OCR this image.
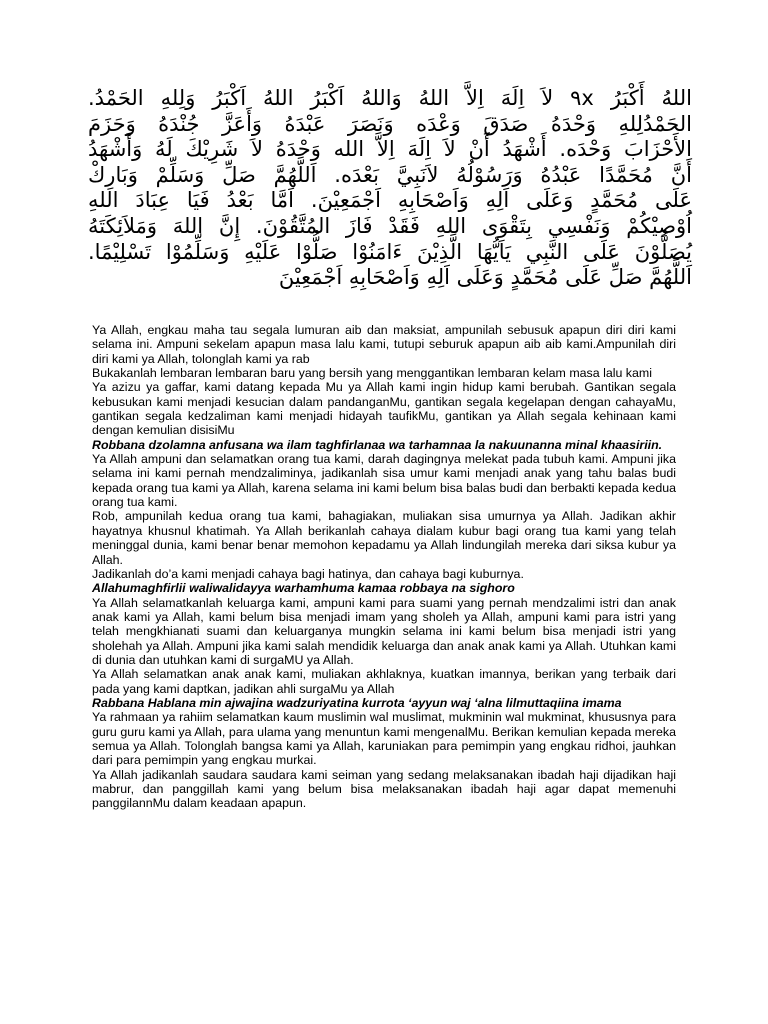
اللهُ أَكْبَرُ ٩x لاَ اِلَهَ اِلاَّ اللهُ وَاللهُ اَكْبَرُ اللهُ اَكْبَرُ وَلِلهِ الحَمْدُ.
الحَمْدُلِلهِ وَحْدَهُ صَدَقَ وَعْدَه وَنَصَرَ عَبْدَهُ وَأَعَزَّ جُنْدَهُ وَحَزَمَ
الأَحْزَابَ وَحْدَه. أَشْهَدُ أَنْ لاَ اِلَهَ اِلاَّ الله وَحْدَهُ لاَ شَرِيْكَ لَهُ وَأَشْهَدُ
أَنَّ مُحَمَّدًا عَبْدُهُ وَرَسُوْلُهُ لاَنَبِيَّ بَعْدَه. اَللَّهُمَّ صَلِّ وَسَلِّمْ وَبَارِكْ
عَلَى مُحَمَّدٍ وَعَلَى اَلِهِ وَاَصْحَابِهِ اَجْمَعِيْنَ. اَمَّا بَعْدُ فَيَا عِبَادَ اللهِ
اُوْصِيْكُمْ وَنَفْسِي بِتَقْوَى اللهِ فَقَدْ فَازَ المُتَّقُوْنَ. إِنَّ اللهَ وَمَلاَئِكَتَهُ
يُصَلُّوْنَ عَلَى النَّبِي يَاَيُّهَا الَّذِيْنَ ءَامَنُوْا صَلُّوْا عَلَيْهِ وَسَلِّمُوْا تَسْلِيْمًا.
اَللَّهُمَّ صَلِّ عَلَى مُحَمَّدٍ وَعَلَى اَلِهِ وَاَصْحَابِهِ اَجْمَعِيْنَ

Ya Allah, engkau maha tau segala lumuran aib dan maksiat, ampunilah sebusuk apapun diri diri kami selama ini. Ampuni sekelam apapun masa lalu kami, tutupi seburuk apapun aib aib kami.Ampunilah diri diri kami ya Allah, tolonglah kami ya rab

Bukakanlah lembaran lembaran baru yang bersih yang menggantikan lembaran kelam masa lalu kami

Ya azizu ya gaffar, kami datang kepada Mu ya Allah kami ingin hidup kami berubah. Gantikan segala kebusukan kami menjadi kesucian dalam pandanganMu, gantikan segala kegelapan dengan cahayaMu, gantikan segala kedzaliman kami menjadi hidayah taufikMu, gantikan ya Allah segala kehinaan kami dengan kemulian disisiMu

Robbana dzolamna anfusana wa ilam taghfirlanaa wa tarhamnaa la nakuunanna minal khaasiriin.

Ya Allah ampuni dan selamatkan orang tua kami, darah dagingnya melekat pada tubuh kami. Ampuni jika selama ini kami pernah mendzaliminya, jadikanlah sisa umur kami menjadi anak yang tahu balas budi kepada orang tua kami ya Allah, karena selama ini kami belum bisa balas budi dan berbakti kepada kedua orang tua kami.

Rob, ampunilah kedua orang tua kami, bahagiakan, muliakan sisa umurnya ya Allah. Jadikan akhir hayatnya khusnul khatimah. Ya Allah berikanlah cahaya dialam kubur bagi orang tua kami yang telah meninggal dunia, kami benar benar memohon kepadamu ya Allah lindungilah mereka dari siksa kubur ya Allah.

Jadikanlah do’a kami menjadi cahaya bagi hatinya, dan cahaya bagi kuburnya.

Allahumaghfirlii waliwalidayya warhamhuma kamaa robbaya na sighoro

Ya Allah selamatkanlah keluarga kami, ampuni kami para suami yang pernah mendzalimi istri dan anak anak kami ya Allah, kami belum bisa menjadi imam yang sholeh ya Allah, ampuni kami para istri yang telah mengkhianati suami dan keluarganya mungkin selama ini kami belum bisa menjadi istri yang sholehah ya Allah. Ampuni jika kami salah mendidik keluarga dan anak anak kami ya Allah. Utuhkan kami di dunia dan utuhkan kami di surgaMU ya Allah.

Ya Allah selamatkan anak anak kami, muliakan akhlaknya, kuatkan imannya, berikan yang terbaik dari pada yang kami daptkan, jadikan ahli surgaMu ya Allah

Rabbana Hablana min ajwajina wadzuriyatina kurrota ‘ayyun waj ‘alna lilmuttaqiina imama

Ya rahmaan ya rahiim selamatkan kaum muslimin wal muslimat, mukminin wal mukminat, khususnya para guru guru kami ya Allah, para ulama yang menuntun kami mengenalMu. Berikan kemulian kepada mereka semua ya Allah. Tolonglah bangsa kami ya Allah, karuniakan para pemimpin yang engkau ridhoi, jauhkan dari para pemimpin yang engkau murkai.

Ya Allah jadikanlah saudara saudara kami seiman yang sedang melaksanakan ibadah haji dijadikan haji mabrur, dan panggillah kami yang belum bisa melaksanakan ibadah haji agar dapat memenuhi panggilannMu dalam keadaan apapun.
